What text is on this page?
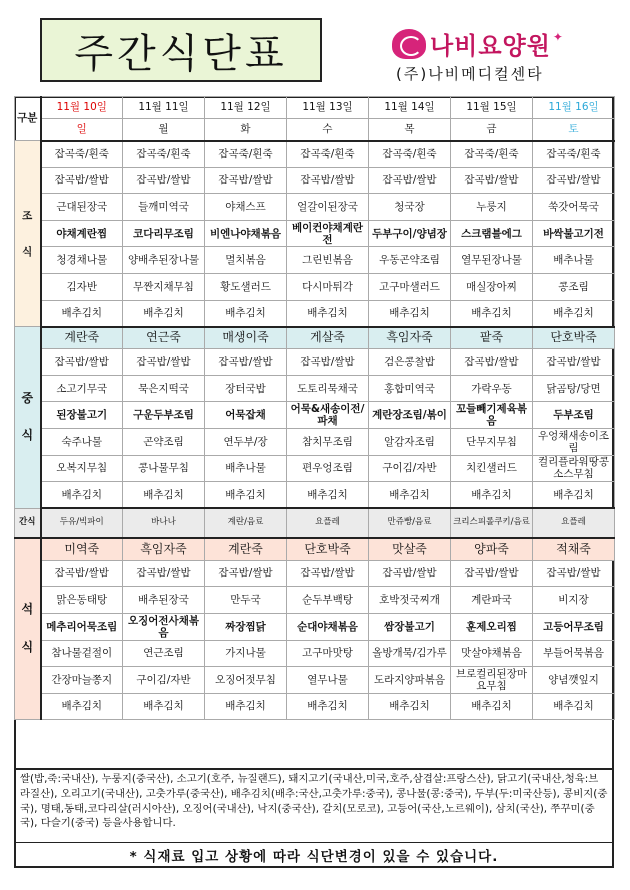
주간식단표	나비요양원 ✦
(주)나비메디컬센타
구분	11월 10일	11월 11일	11월 12일	11월 13일	11월 14일	11월 15일	11월 16일
	일	월	화	수	목	금	토

조
식	잡곡죽/흰죽	잡곡죽/흰죽	잡곡죽/흰죽	잡곡죽/흰죽	잡곡죽/흰죽	잡곡죽/흰죽	잡곡죽/흰죽
	잡곡밥/쌀밥	잡곡밥/쌀밥	잡곡밥/쌀밥	잡곡밥/쌀밥	잡곡밥/쌀밥	잡곡밥/쌀밥	잡곡밥/쌀밥
	근대된장국	들깨미역국	야채스프	얼갈이된장국	청국장	누룽지	쑥갓어묵국
	야채계란찜	코다리무조림	비엔나야채볶음	베이컨야채계란전	두부구이/양념장	스크램블에그	바싹불고기전
	청경채나물	양배추된장나물	멸치볶음	그린빈볶음	우동곤약조림	열무된장나물	배추나물
	김자반	무짠지채무침	황도샐러드	다시마튀각	고구마샐러드	매실장아찌	콩조림
	배추김치	배추김치	배추김치	배추김치	배추김치	배추김치	배추김치

중
식	계란죽	연근죽	매생이죽	게살죽	흑임자죽	팥죽	단호박죽
	잡곡밥/쌀밥	잡곡밥/쌀밥	잡곡밥/쌀밥	잡곡밥/쌀밥	검은콩찰밥	잡곡밥/쌀밥	잡곡밥/쌀밥
	소고기무국	묵은지떡국	장터국밥	도토리묵채국	홍합미역국	가락우동	닭곰탕/당면
	된장불고기	구운두부조림	어묵잡채	어묵&새송이전/파채	계란장조림/볶이	꼬들빼기제육볶음	두부조림
	숙주나물	곤약조림	연두부/장	참치무조림	알감자조림	단무지무침	우엉채새송이조림
	오복지무침	콩나물무침	배추나물	편우엉조림	구이김/자반	치킨샐러드	컬리플라워땅콩소스무침
	배추김치	배추김치	배추김치	배추김치	배추김치	배추김치	배추김치
간식	두유/빅파이	바나나	계란/음료	요플레	만쥬빵/음료	크리스피롤쿠키/음료	요플레

석
식	미역죽	흑임자죽	계란죽	단호박죽	맛살죽	양파죽	적채죽
	잡곡밥/쌀밥	잡곡밥/쌀밥	잡곡밥/쌀밥	잡곡밥/쌀밥	잡곡밥/쌀밥	잡곡밥/쌀밥	잡곡밥/쌀밥
	맑은동태탕	배추된장국	만두국	순두부백탕	호박젓국찌개	계란파국	비지장
	메추리어묵조림	오징어전사채볶음	짜장찜닭	순대야채볶음	쌈장불고기	훈제오리찜	고등어무조림
	참나물겉절이	연근조림	가지나물	고구마맛탕	올방개묵/김가루	맛살야채볶음	부들어묵볶음
	간장마늘쫑지	구이김/자반	오징어젓무침	열무나물	도라지양파볶음	브로컬리된장마요무침	양념깻잎지
	배추김치	배추김치	배추김치	배추김치	배추김치	배추김치	배추김치
쌀(밥,죽:국내산), 누룽지(중국산), 소고기(호주, 뉴질랜드), 돼지고기(국내산,미국,호주,삼겹살:프랑스산), 닭고기(국내산,청육:브라질산), 오리고기(국내산), 고춧가루(중국산), 배추김치(배추:국산,고춧가루:중국), 콩나물(콩:중국), 두부(두:미국산등), 콩비지(중국), 명태,동태,코다리살(러시아산), 오징어(국내산), 낙지(중국산), 갈치(모로코), 고등어(국산,노르웨이), 삼치(국산), 쭈꾸미(중국), 다슬기(중국) 등을사용합니다.
* 식재료 입고 상황에 따라 식단변경이 있을 수 있습니다.
